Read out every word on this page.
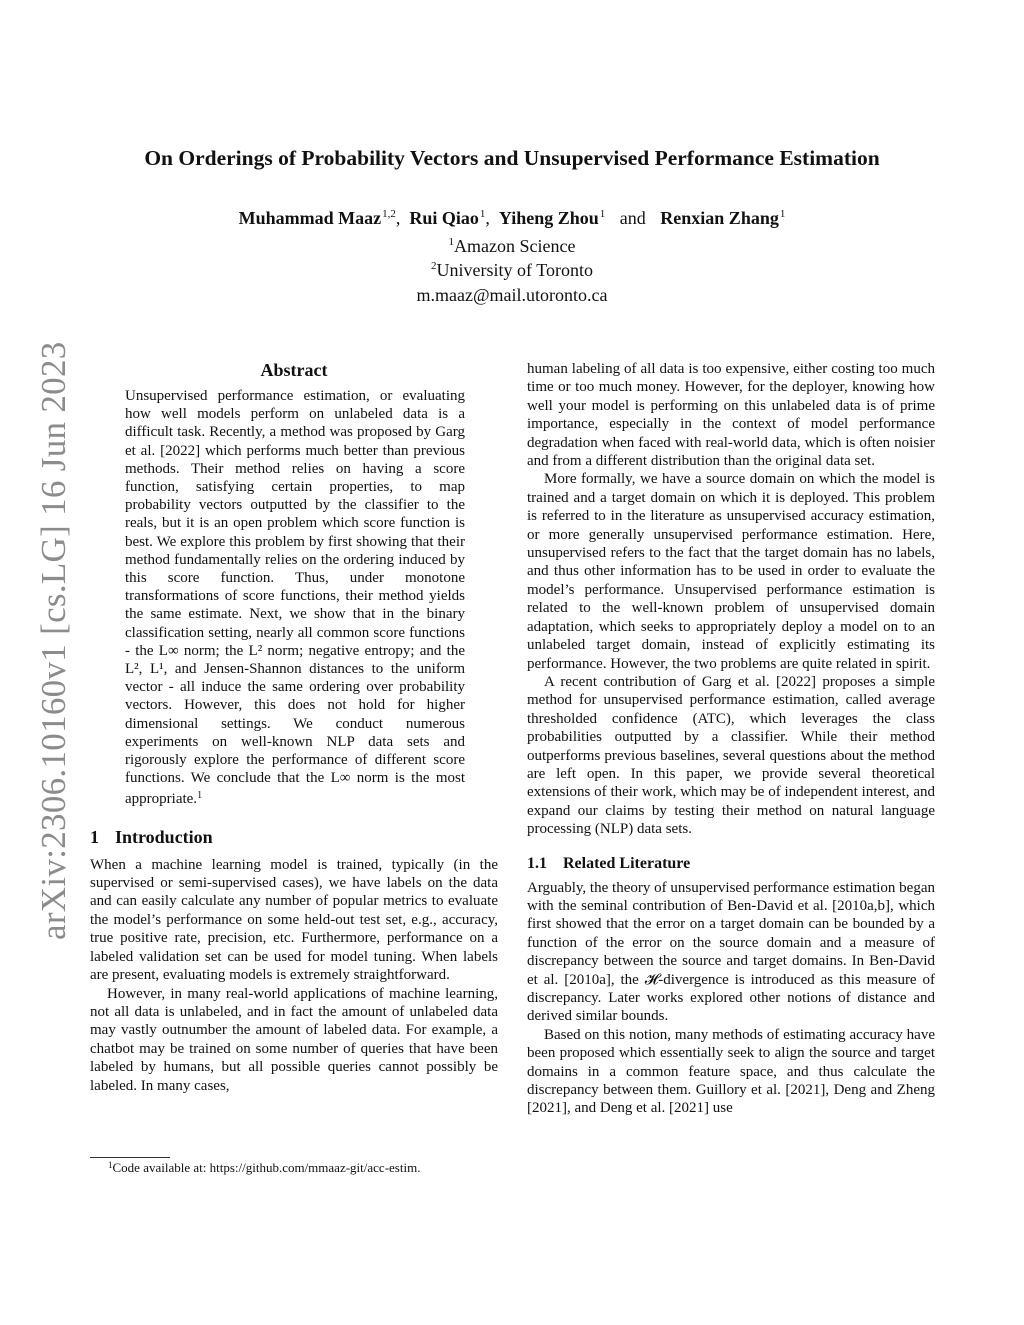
arXiv:2306.10160v1 [cs.LG] 16 Jun 2023
On Orderings of Probability Vectors and Unsupervised Performance Estimation
Muhammad Maaz$^{1,2}$, Rui Qiao$^1$, Yiheng Zhou$^1$ and Renxian Zhang$^1$
$^1$Amazon Science
$^2$University of Toronto
m.maaz@mail.utoronto.ca
Abstract
Unsupervised performance estimation, or evaluating how well models perform on unlabeled data is a difficult task. Recently, a method was proposed by Garg et al. [2022] which performs much better than previous methods. Their method relies on having a score function, satisfying certain properties, to map probability vectors outputted by the classifier to the reals, but it is an open problem which score function is best. We explore this problem by first showing that their method fundamentally relies on the ordering induced by this score function. Thus, under monotone transformations of score functions, their method yields the same estimate. Next, we show that in the binary classification setting, nearly all common score functions - the L∞ norm; the L² norm; negative entropy; and the L², L¹, and Jensen-Shannon distances to the uniform vector - all induce the same ordering over probability vectors. However, this does not hold for higher dimensional settings. We conduct numerous experiments on well-known NLP data sets and rigorously explore the performance of different score functions. We conclude that the L∞ norm is the most appropriate.$^1$
1 Introduction

When a machine learning model is trained, typically (in the supervised or semi-supervised cases), we have labels on the data and can easily calculate any number of popular metrics to evaluate the model’s performance on some held-out test set, e.g., accuracy, true positive rate, precision, etc. Furthermore, performance on a labeled validation set can be used for model tuning. When labels are present, evaluating models is extremely straightforward.

However, in many real-world applications of machine learning, not all data is unlabeled, and in fact the amount of unlabeled data may vastly outnumber the amount of labeled data. For example, a chatbot may be trained on some number of queries that have been labeled by humans, but all possible queries cannot possibly be labeled. In many cases,

human labeling of all data is too expensive, either costing too much time or too much money. However, for the deployer, knowing how well your model is performing on this unlabeled data is of prime importance, especially in the context of model performance degradation when faced with real-world data, which is often noisier and from a different distribution than the original data set.

More formally, we have a source domain on which the model is trained and a target domain on which it is deployed. This problem is referred to in the literature as unsupervised accuracy estimation, or more generally unsupervised performance estimation. Here, unsupervised refers to the fact that the target domain has no labels, and thus other information has to be used in order to evaluate the model’s performance. Unsupervised performance estimation is related to the well-known problem of unsupervised domain adaptation, which seeks to appropriately deploy a model on to an unlabeled target domain, instead of explicitly estimating its performance. However, the two problems are quite related in spirit.

A recent contribution of Garg et al. [2022] proposes a simple method for unsupervised performance estimation, called average thresholded confidence (ATC), which leverages the class probabilities outputted by a classifier. While their method outperforms previous baselines, several questions about the method are left open. In this paper, we provide several theoretical extensions of their work, which may be of independent interest, and expand our claims by testing their method on natural language processing (NLP) data sets.

1.1 Related Literature

Arguably, the theory of unsupervised performance estimation began with the seminal contribution of Ben-David et al. [2010a,b], which first showed that the error on a target domain can be bounded by a function of the error on the source domain and a measure of discrepancy between the source and target domains. In Ben-David et al. [2010a], the 𝓗-divergence is introduced as this measure of discrepancy. Later works explored other notions of distance and derived similar bounds.

Based on this notion, many methods of estimating accuracy have been proposed which essentially seek to align the source and target domains in a common feature space, and thus calculate the discrepancy between them. Guillory et al. [2021], Deng and Zheng [2021], and Deng et al. [2021] use

$^1$Code available at: https://github.com/mmaaz-git/acc-estim.
